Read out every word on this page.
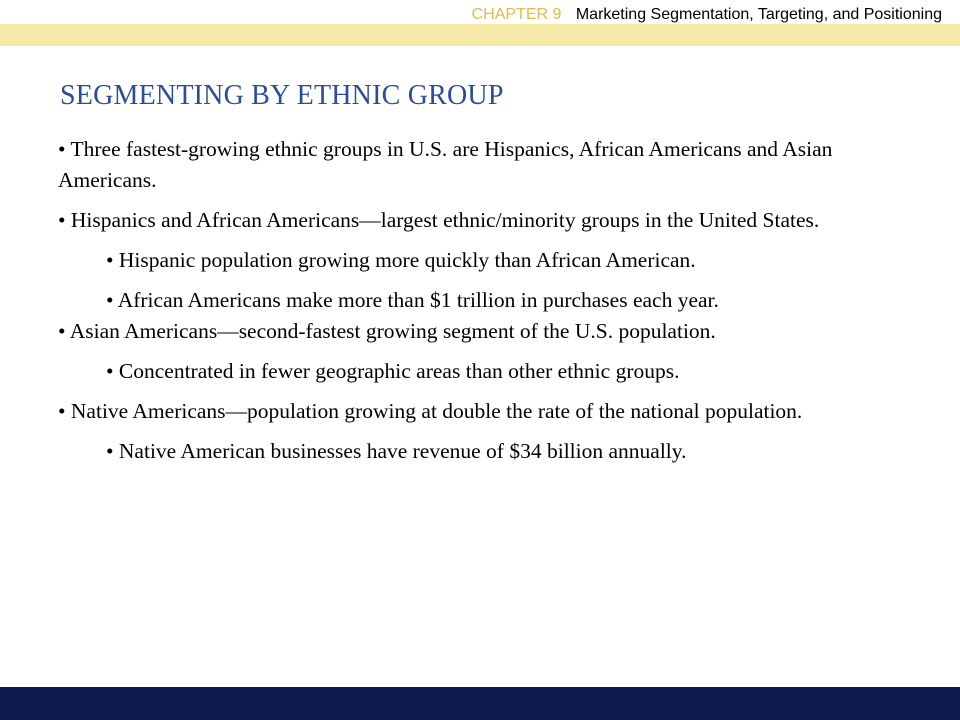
CHAPTER 9 Marketing Segmentation, Targeting, and Positioning
SEGMENTING BY ETHNIC GROUP
• Three fastest-growing ethnic groups in U.S. are Hispanics, African Americans and Asian Americans.
• Hispanics and African Americans—largest ethnic/minority groups in the United States.
• Hispanic population growing more quickly than African American.
• African Americans make more than $1 trillion in purchases each year.
• Asian Americans—second-fastest growing segment of the U.S. population.
• Concentrated in fewer geographic areas than other ethnic groups.
• Native Americans—population growing at double the rate of the national population.
• Native American businesses have revenue of $34 billion annually.
